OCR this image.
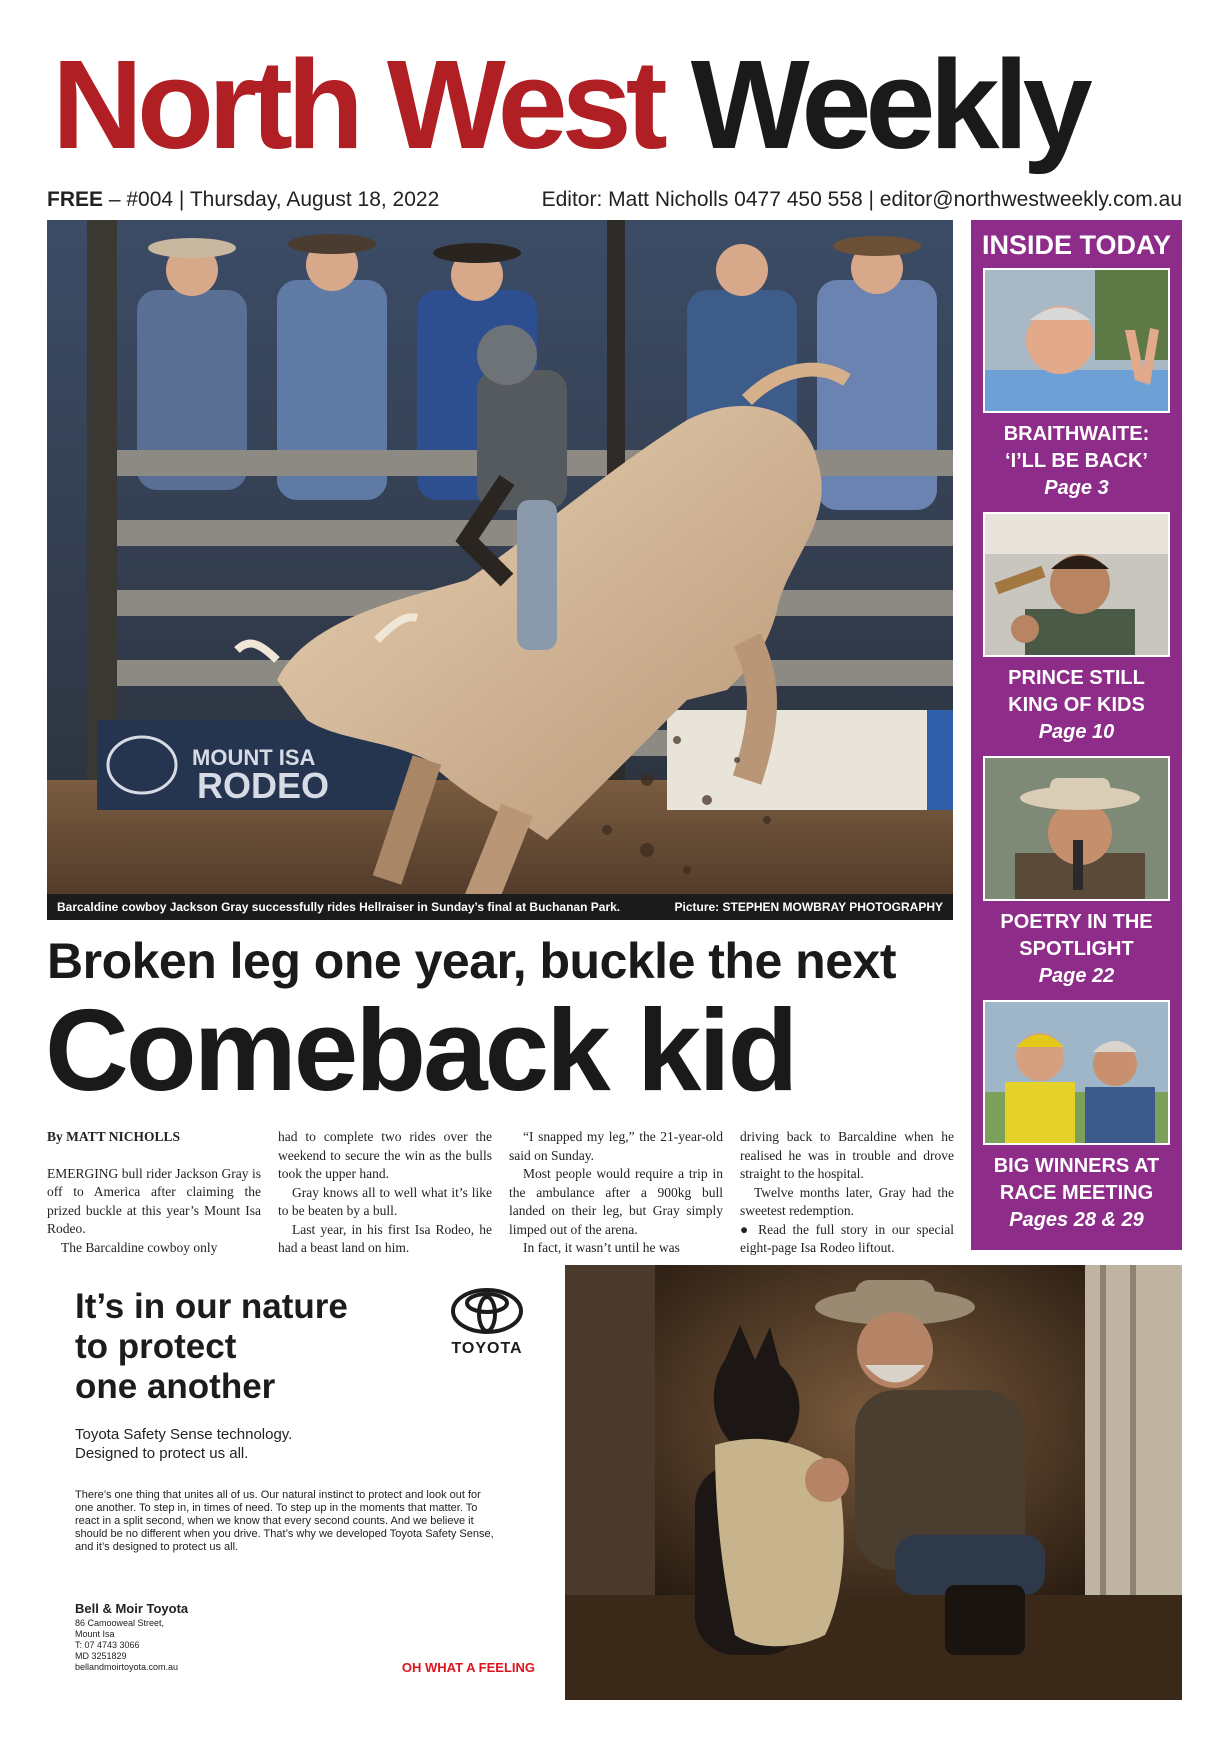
North West Weekly
FREE – #004 | Thursday, August 18, 2022	Editor: Matt Nicholls 0477 450 558 | editor@northwestweekly.com.au
MOUNT ISA
RODEO
Barcaldine cowboy Jackson Gray successfully rides Hellraiser in Sunday’s final at Buchanan Park.	Picture: STEPHEN MOWBRAY PHOTOGRAPHY
Broken leg one year, buckle the next
Comeback kid

By MATT NICHOLLS

EMERGING bull rider Jackson Gray is off to America after claiming the prized buckle at this year’s Mount Isa Rodeo.

The Barcaldine cowboy only

had to complete two rides over the weekend to secure the win as the bulls took the upper hand.

Gray knows all to well what it’s like to be beaten by a bull.

Last year, in his first Isa Rodeo, he had a beast land on him.

“I snapped my leg,” the 21-year-old said on Sunday.

Most people would require a trip in the ambulance after a 900kg bull landed on their leg, but Gray simply limped out of the arena.

In fact, it wasn’t until he was

driving back to Barcaldine when he realised he was in trouble and drove straight to the hospital.

Twelve months later, Gray had the sweetest redemption.

● Read the full story in our special eight-page Isa Rodeo liftout.

INSIDE TODAY
BRAITHWAITE:
‘I’LL BE BACK’
Page 3
PRINCE STILL
KING OF KIDS
Page 10
POETRY IN THE
SPOTLIGHT
Page 22
BIG WINNERS AT
RACE MEETING
Pages 28 & 29
It’s in our nature
to protect
one another
TOYOTA
Toyota Safety Sense technology.
Designed to protect us all.
There’s one thing that unites all of us. Our natural instinct to protect and look out for one another. To step in, in times of need. To step up in the moments that matter. To react in a split second, when we know that every second counts. And we believe it should be no different when you drive. That’s why we developed Toyota Safety Sense, and it’s designed to protect us all.
Bell & Moir Toyota
86 Camooweal Street,
Mount Isa
T: 07 4743 3066
MD 3251829
bellandmoirtoyota.com.au	OH WHAT A FEELING
